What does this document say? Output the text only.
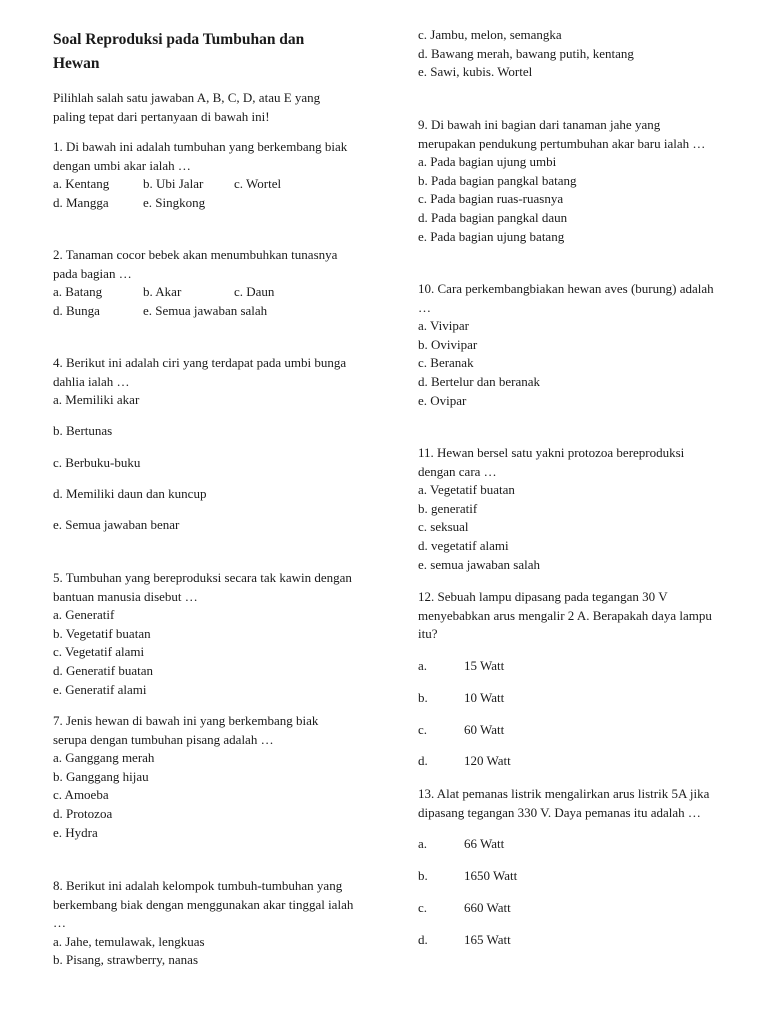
Soal Reproduksi pada Tumbuhan dan Hewan
Pilihlah salah satu jawaban A, B, C, D, atau E yang
paling tepat dari pertanyaan di bawah ini!
1. Di bawah ini adalah tumbuhan yang berkembang biak
dengan umbi akar ialah …
a. Kentang	b. Ubi Jalar	c. Wortel
d. Mangga	e. Singkong
2. Tanaman cocor bebek akan menumbuhkan tunasnya
pada bagian …
a. Batang	b. Akar	c. Daun
d. Bunga	e. Semua jawaban salah
4. Berikut ini adalah ciri yang terdapat pada umbi bunga
dahlia ialah …
a. Memiliki akar
b. Bertunas
c. Berbuku-buku
d. Memiliki daun dan kuncup
e. Semua jawaban benar
5. Tumbuhan yang bereproduksi secara tak kawin dengan
bantuan manusia disebut …
a. Generatif
b. Vegetatif buatan
c. Vegetatif alami
d. Generatif buatan
e. Generatif alami
7. Jenis hewan di bawah ini yang berkembang biak
serupa dengan tumbuhan pisang adalah …
a. Ganggang merah
b. Ganggang hijau
c. Amoeba
d. Protozoa
e. Hydra
8. Berikut ini adalah kelompok tumbuh-tumbuhan yang
berkembang biak dengan menggunakan akar tinggal ialah
…
a. Jahe, temulawak, lengkuas
b. Pisang, strawberry, nanas
c. Jambu, melon, semangka
d. Bawang merah, bawang putih, kentang
e. Sawi, kubis. Wortel
9. Di bawah ini bagian dari tanaman jahe yang
merupakan pendukung pertumbuhan akar baru ialah …
a. Pada bagian ujung umbi
b. Pada bagian pangkal batang
c. Pada bagian ruas-ruasnya
d. Pada bagian pangkal daun
e. Pada bagian ujung batang
10. Cara perkembangbiakan hewan aves (burung) adalah
…
a. Vivipar
b. Ovivipar
c. Beranak
d. Bertelur dan beranak
e. Ovipar
11. Hewan bersel satu yakni protozoa bereproduksi
dengan cara …
a. Vegetatif buatan
b. generatif
c. seksual
d. vegetatif alami
e. semua jawaban salah
12. Sebuah lampu dipasang pada tegangan 30 V
menyebabkan arus mengalir 2 A. Berapakah daya lampu
itu?
a.	15 Watt
b.	10 Watt
c.	60 Watt
d.	120 Watt
13. Alat pemanas listrik mengalirkan arus listrik 5A jika
dipasang tegangan 330 V. Daya pemanas itu adalah …
a.	66 Watt
b.	1650 Watt
c.	660 Watt
d.	165 Watt
